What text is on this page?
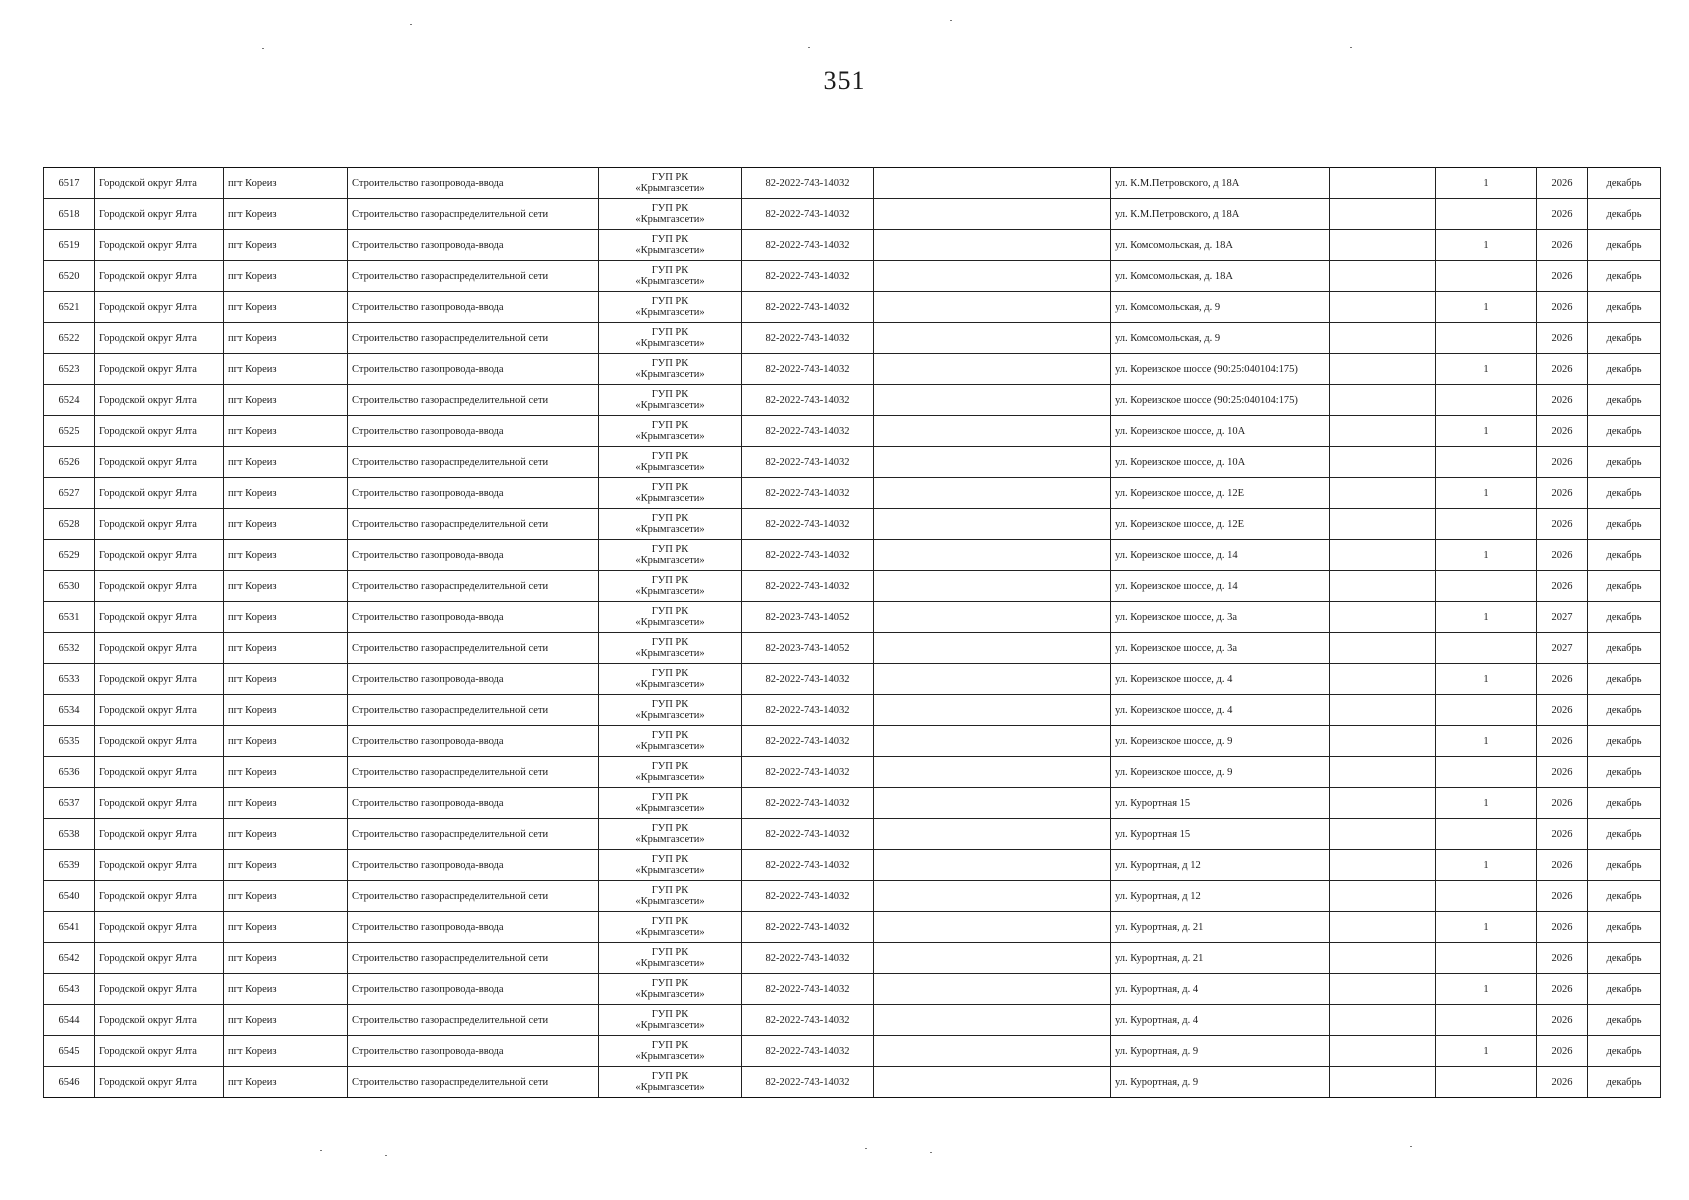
351
6517	Городской округ Ялта	пгт Кореиз	Строительство газопровода-ввода	ГУП РК
«Крымгазсети»	82-2022-743-14032		ул. К.М.Петровского, д 18А		1	2026	декабрь
6518	Городской округ Ялта	пгт Кореиз	Строительство газораспределительной сети	ГУП РК
«Крымгазсети»	82-2022-743-14032		ул. К.М.Петровского, д 18А			2026	декабрь
6519	Городской округ Ялта	пгт Кореиз	Строительство газопровода-ввода	ГУП РК
«Крымгазсети»	82-2022-743-14032		ул. Комсомольская, д. 18А		1	2026	декабрь
6520	Городской округ Ялта	пгт Кореиз	Строительство газораспределительной сети	ГУП РК
«Крымгазсети»	82-2022-743-14032		ул. Комсомольская, д. 18А			2026	декабрь
6521	Городской округ Ялта	пгт Кореиз	Строительство газопровода-ввода	ГУП РК
«Крымгазсети»	82-2022-743-14032		ул. Комсомольская, д. 9		1	2026	декабрь
6522	Городской округ Ялта	пгт Кореиз	Строительство газораспределительной сети	ГУП РК
«Крымгазсети»	82-2022-743-14032		ул. Комсомольская, д. 9			2026	декабрь
6523	Городской округ Ялта	пгт Кореиз	Строительство газопровода-ввода	ГУП РК
«Крымгазсети»	82-2022-743-14032		ул. Кореизское шоссе (90:25:040104:175)		1	2026	декабрь
6524	Городской округ Ялта	пгт Кореиз	Строительство газораспределительной сети	ГУП РК
«Крымгазсети»	82-2022-743-14032		ул. Кореизское шоссе (90:25:040104:175)			2026	декабрь
6525	Городской округ Ялта	пгт Кореиз	Строительство газопровода-ввода	ГУП РК
«Крымгазсети»	82-2022-743-14032		ул. Кореизское шоссе, д. 10А		1	2026	декабрь
6526	Городской округ Ялта	пгт Кореиз	Строительство газораспределительной сети	ГУП РК
«Крымгазсети»	82-2022-743-14032		ул. Кореизское шоссе, д. 10А			2026	декабрь
6527	Городской округ Ялта	пгт Кореиз	Строительство газопровода-ввода	ГУП РК
«Крымгазсети»	82-2022-743-14032		ул. Кореизское шоссе, д. 12Е		1	2026	декабрь
6528	Городской округ Ялта	пгт Кореиз	Строительство газораспределительной сети	ГУП РК
«Крымгазсети»	82-2022-743-14032		ул. Кореизское шоссе, д. 12Е			2026	декабрь
6529	Городской округ Ялта	пгт Кореиз	Строительство газопровода-ввода	ГУП РК
«Крымгазсети»	82-2022-743-14032		ул. Кореизское шоссе, д. 14		1	2026	декабрь
6530	Городской округ Ялта	пгт Кореиз	Строительство газораспределительной сети	ГУП РК
«Крымгазсети»	82-2022-743-14032		ул. Кореизское шоссе, д. 14			2026	декабрь
6531	Городской округ Ялта	пгт Кореиз	Строительство газопровода-ввода	ГУП РК
«Крымгазсети»	82-2023-743-14052		ул. Кореизское шоссе, д. 3а		1	2027	декабрь
6532	Городской округ Ялта	пгт Кореиз	Строительство газораспределительной сети	ГУП РК
«Крымгазсети»	82-2023-743-14052		ул. Кореизское шоссе, д. 3а			2027	декабрь
6533	Городской округ Ялта	пгт Кореиз	Строительство газопровода-ввода	ГУП РК
«Крымгазсети»	82-2022-743-14032		ул. Кореизское шоссе, д. 4		1	2026	декабрь
6534	Городской округ Ялта	пгт Кореиз	Строительство газораспределительной сети	ГУП РК
«Крымгазсети»	82-2022-743-14032		ул. Кореизское шоссе, д. 4			2026	декабрь
6535	Городской округ Ялта	пгт Кореиз	Строительство газопровода-ввода	ГУП РК
«Крымгазсети»	82-2022-743-14032		ул. Кореизское шоссе, д. 9		1	2026	декабрь
6536	Городской округ Ялта	пгт Кореиз	Строительство газораспределительной сети	ГУП РК
«Крымгазсети»	82-2022-743-14032		ул. Кореизское шоссе, д. 9			2026	декабрь
6537	Городской округ Ялта	пгт Кореиз	Строительство газопровода-ввода	ГУП РК
«Крымгазсети»	82-2022-743-14032		ул. Курортная 15		1	2026	декабрь
6538	Городской округ Ялта	пгт Кореиз	Строительство газораспределительной сети	ГУП РК
«Крымгазсети»	82-2022-743-14032		ул. Курортная 15			2026	декабрь
6539	Городской округ Ялта	пгт Кореиз	Строительство газопровода-ввода	ГУП РК
«Крымгазсети»	82-2022-743-14032		ул. Курортная, д 12		1	2026	декабрь
6540	Городской округ Ялта	пгт Кореиз	Строительство газораспределительной сети	ГУП РК
«Крымгазсети»	82-2022-743-14032		ул. Курортная, д 12			2026	декабрь
6541	Городской округ Ялта	пгт Кореиз	Строительство газопровода-ввода	ГУП РК
«Крымгазсети»	82-2022-743-14032		ул. Курортная, д. 21		1	2026	декабрь
6542	Городской округ Ялта	пгт Кореиз	Строительство газораспределительной сети	ГУП РК
«Крымгазсети»	82-2022-743-14032		ул. Курортная, д. 21			2026	декабрь
6543	Городской округ Ялта	пгт Кореиз	Строительство газопровода-ввода	ГУП РК
«Крымгазсети»	82-2022-743-14032		ул. Курортная, д. 4		1	2026	декабрь
6544	Городской округ Ялта	пгт Кореиз	Строительство газораспределительной сети	ГУП РК
«Крымгазсети»	82-2022-743-14032		ул. Курортная, д. 4			2026	декабрь
6545	Городской округ Ялта	пгт Кореиз	Строительство газопровода-ввода	ГУП РК
«Крымгазсети»	82-2022-743-14032		ул. Курортная, д. 9		1	2026	декабрь
6546	Городской округ Ялта	пгт Кореиз	Строительство газораспределительной сети	ГУП РК
«Крымгазсети»	82-2022-743-14032		ул. Курортная, д. 9			2026	декабрь
